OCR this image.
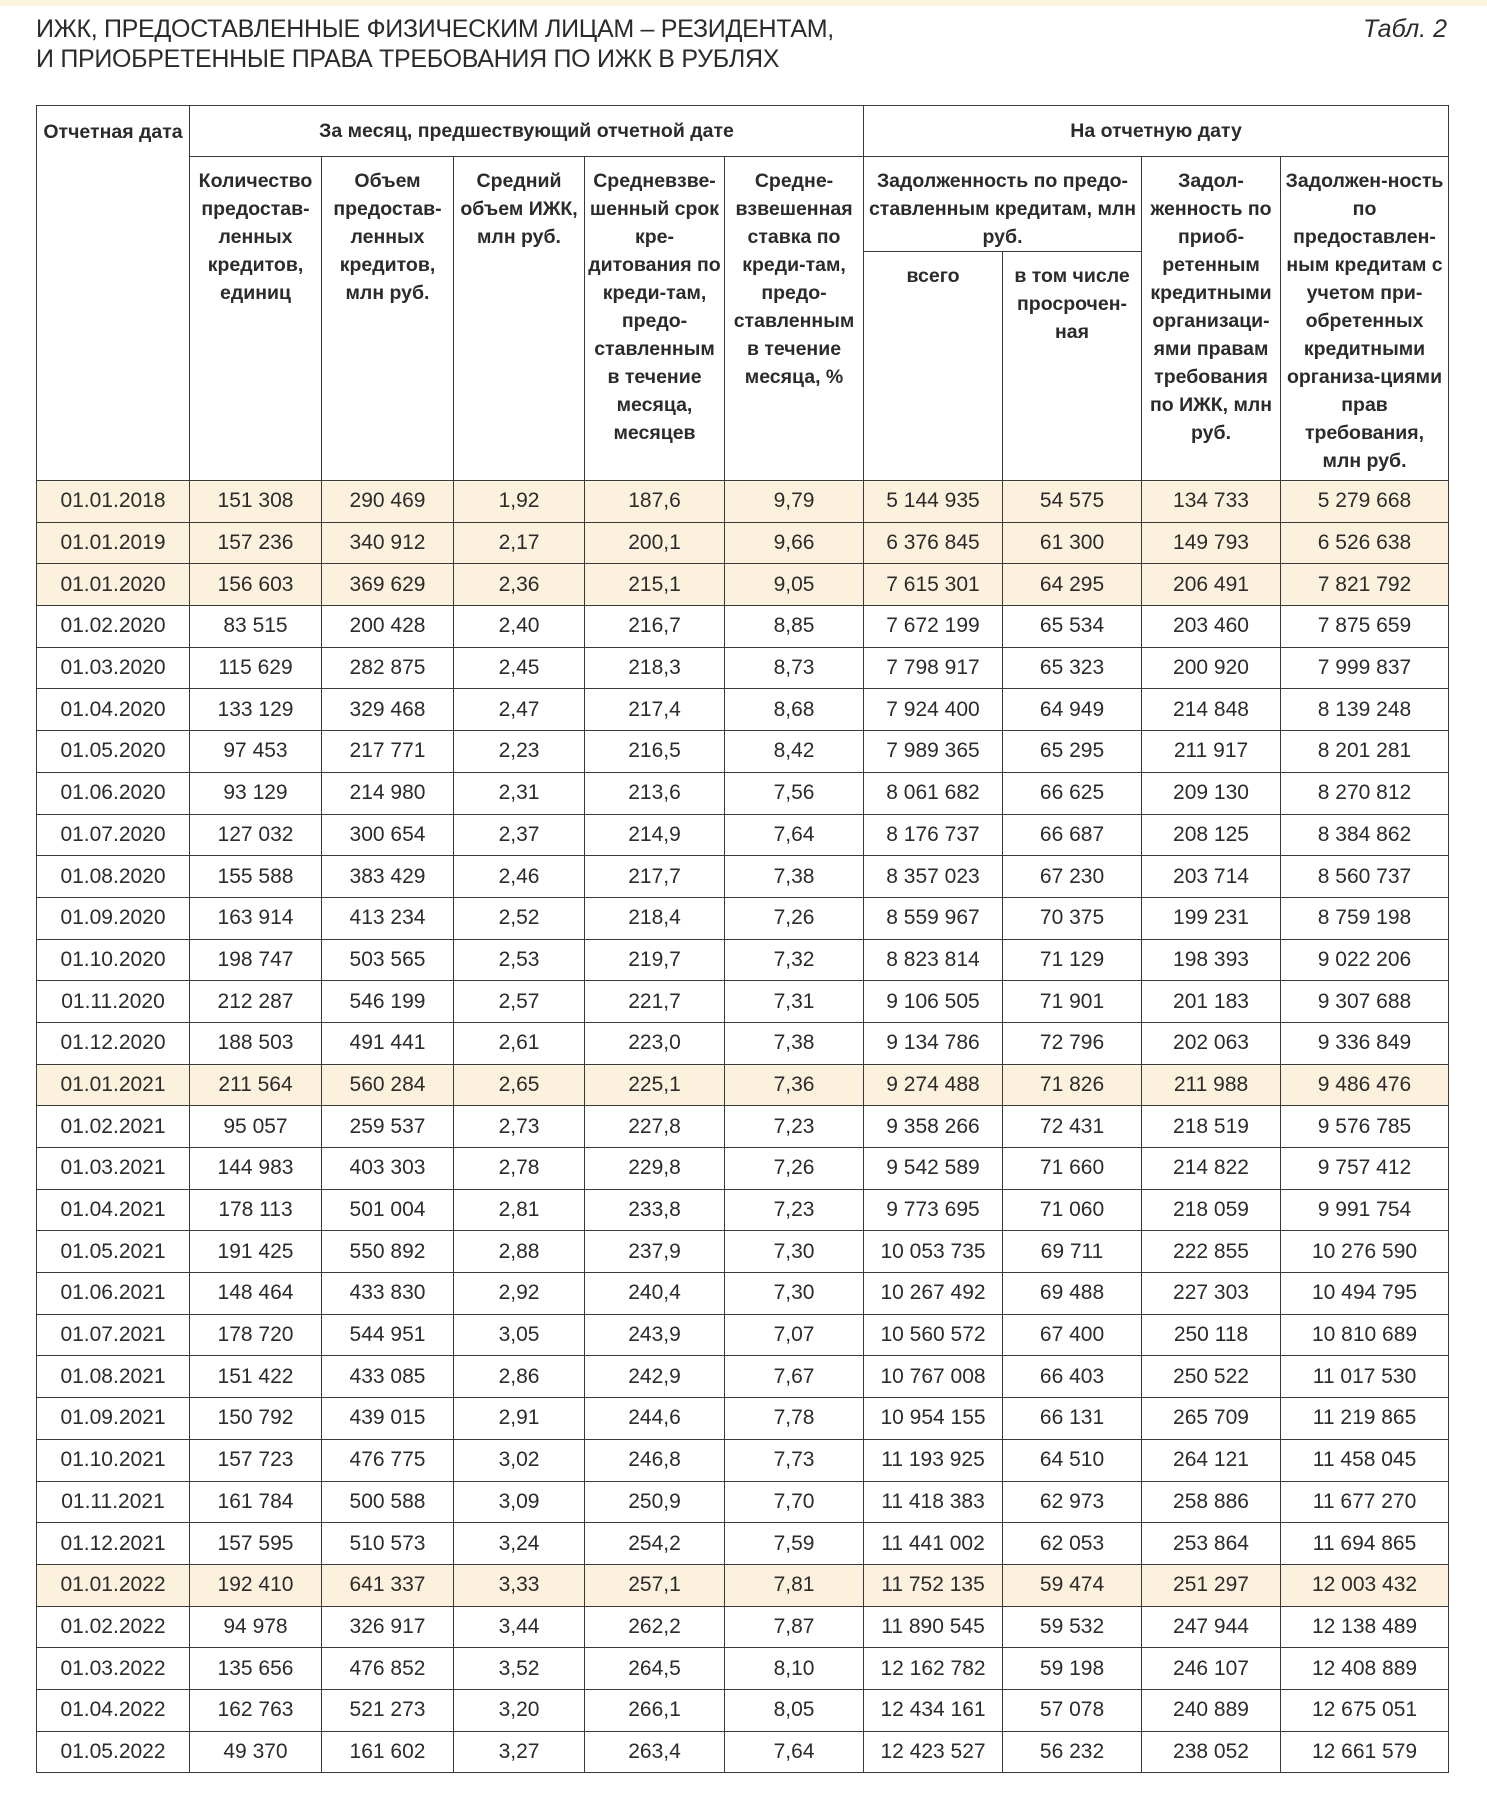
ИЖК, ПРЕДОСТАВЛЕННЫЕ ФИЗИЧЕСКИМ ЛИЦАМ – РЕЗИДЕНТАМ,
И ПРИОБРЕТЕННЫЕ ПРАВА ТРЕБОВАНИЯ ПО ИЖК В РУБЛЯХ
Табл. 2
Отчетная дата	За месяц, предшествующий отчетной дате					На отчетную дату			
	Количество предостав-ленных кредитов, единиц	Объем предостав-ленных кредитов, млн руб.	Средний объем ИЖК, млн руб.	Средневзве-шенный срок кре-дитования по креди-там, предо-ставленным в течение месяца, месяцев	Средне-взвешенная ставка по креди-там, предо-ставленным в течение месяца, %	Задолженность по предо-ставленным кредитам, млн руб.		Задол-женность по приоб-ретенным кредитными организаци-ями правам требования по ИЖК, млн руб.	Задолжен-ность по предоставлен-ным кредитам с учетом при-обретенных кредитными организа-циями прав требования, млн руб.
						всего	в том числе просрочен-ная		
01.01.2018	151 308	290 469	1,92	187,6	9,79	5 144 935	54 575	134 733	5 279 668
01.01.2019	157 236	340 912	2,17	200,1	9,66	6 376 845	61 300	149 793	6 526 638
01.01.2020	156 603	369 629	2,36	215,1	9,05	7 615 301	64 295	206 491	7 821 792
01.02.2020	83 515	200 428	2,40	216,7	8,85	7 672 199	65 534	203 460	7 875 659
01.03.2020	115 629	282 875	2,45	218,3	8,73	7 798 917	65 323	200 920	7 999 837
01.04.2020	133 129	329 468	2,47	217,4	8,68	7 924 400	64 949	214 848	8 139 248
01.05.2020	97 453	217 771	2,23	216,5	8,42	7 989 365	65 295	211 917	8 201 281
01.06.2020	93 129	214 980	2,31	213,6	7,56	8 061 682	66 625	209 130	8 270 812
01.07.2020	127 032	300 654	2,37	214,9	7,64	8 176 737	66 687	208 125	8 384 862
01.08.2020	155 588	383 429	2,46	217,7	7,38	8 357 023	67 230	203 714	8 560 737
01.09.2020	163 914	413 234	2,52	218,4	7,26	8 559 967	70 375	199 231	8 759 198
01.10.2020	198 747	503 565	2,53	219,7	7,32	8 823 814	71 129	198 393	9 022 206
01.11.2020	212 287	546 199	2,57	221,7	7,31	9 106 505	71 901	201 183	9 307 688
01.12.2020	188 503	491 441	2,61	223,0	7,38	9 134 786	72 796	202 063	9 336 849
01.01.2021	211 564	560 284	2,65	225,1	7,36	9 274 488	71 826	211 988	9 486 476
01.02.2021	95 057	259 537	2,73	227,8	7,23	9 358 266	72 431	218 519	9 576 785
01.03.2021	144 983	403 303	2,78	229,8	7,26	9 542 589	71 660	214 822	9 757 412
01.04.2021	178 113	501 004	2,81	233,8	7,23	9 773 695	71 060	218 059	9 991 754
01.05.2021	191 425	550 892	2,88	237,9	7,30	10 053 735	69 711	222 855	10 276 590
01.06.2021	148 464	433 830	2,92	240,4	7,30	10 267 492	69 488	227 303	10 494 795
01.07.2021	178 720	544 951	3,05	243,9	7,07	10 560 572	67 400	250 118	10 810 689
01.08.2021	151 422	433 085	2,86	242,9	7,67	10 767 008	66 403	250 522	11 017 530
01.09.2021	150 792	439 015	2,91	244,6	7,78	10 954 155	66 131	265 709	11 219 865
01.10.2021	157 723	476 775	3,02	246,8	7,73	11 193 925	64 510	264 121	11 458 045
01.11.2021	161 784	500 588	3,09	250,9	7,70	11 418 383	62 973	258 886	11 677 270
01.12.2021	157 595	510 573	3,24	254,2	7,59	11 441 002	62 053	253 864	11 694 865
01.01.2022	192 410	641 337	3,33	257,1	7,81	11 752 135	59 474	251 297	12 003 432
01.02.2022	94 978	326 917	3,44	262,2	7,87	11 890 545	59 532	247 944	12 138 489
01.03.2022	135 656	476 852	3,52	264,5	8,10	12 162 782	59 198	246 107	12 408 889
01.04.2022	162 763	521 273	3,20	266,1	8,05	12 434 161	57 078	240 889	12 675 051
01.05.2022	49 370	161 602	3,27	263,4	7,64	12 423 527	56 232	238 052	12 661 579
